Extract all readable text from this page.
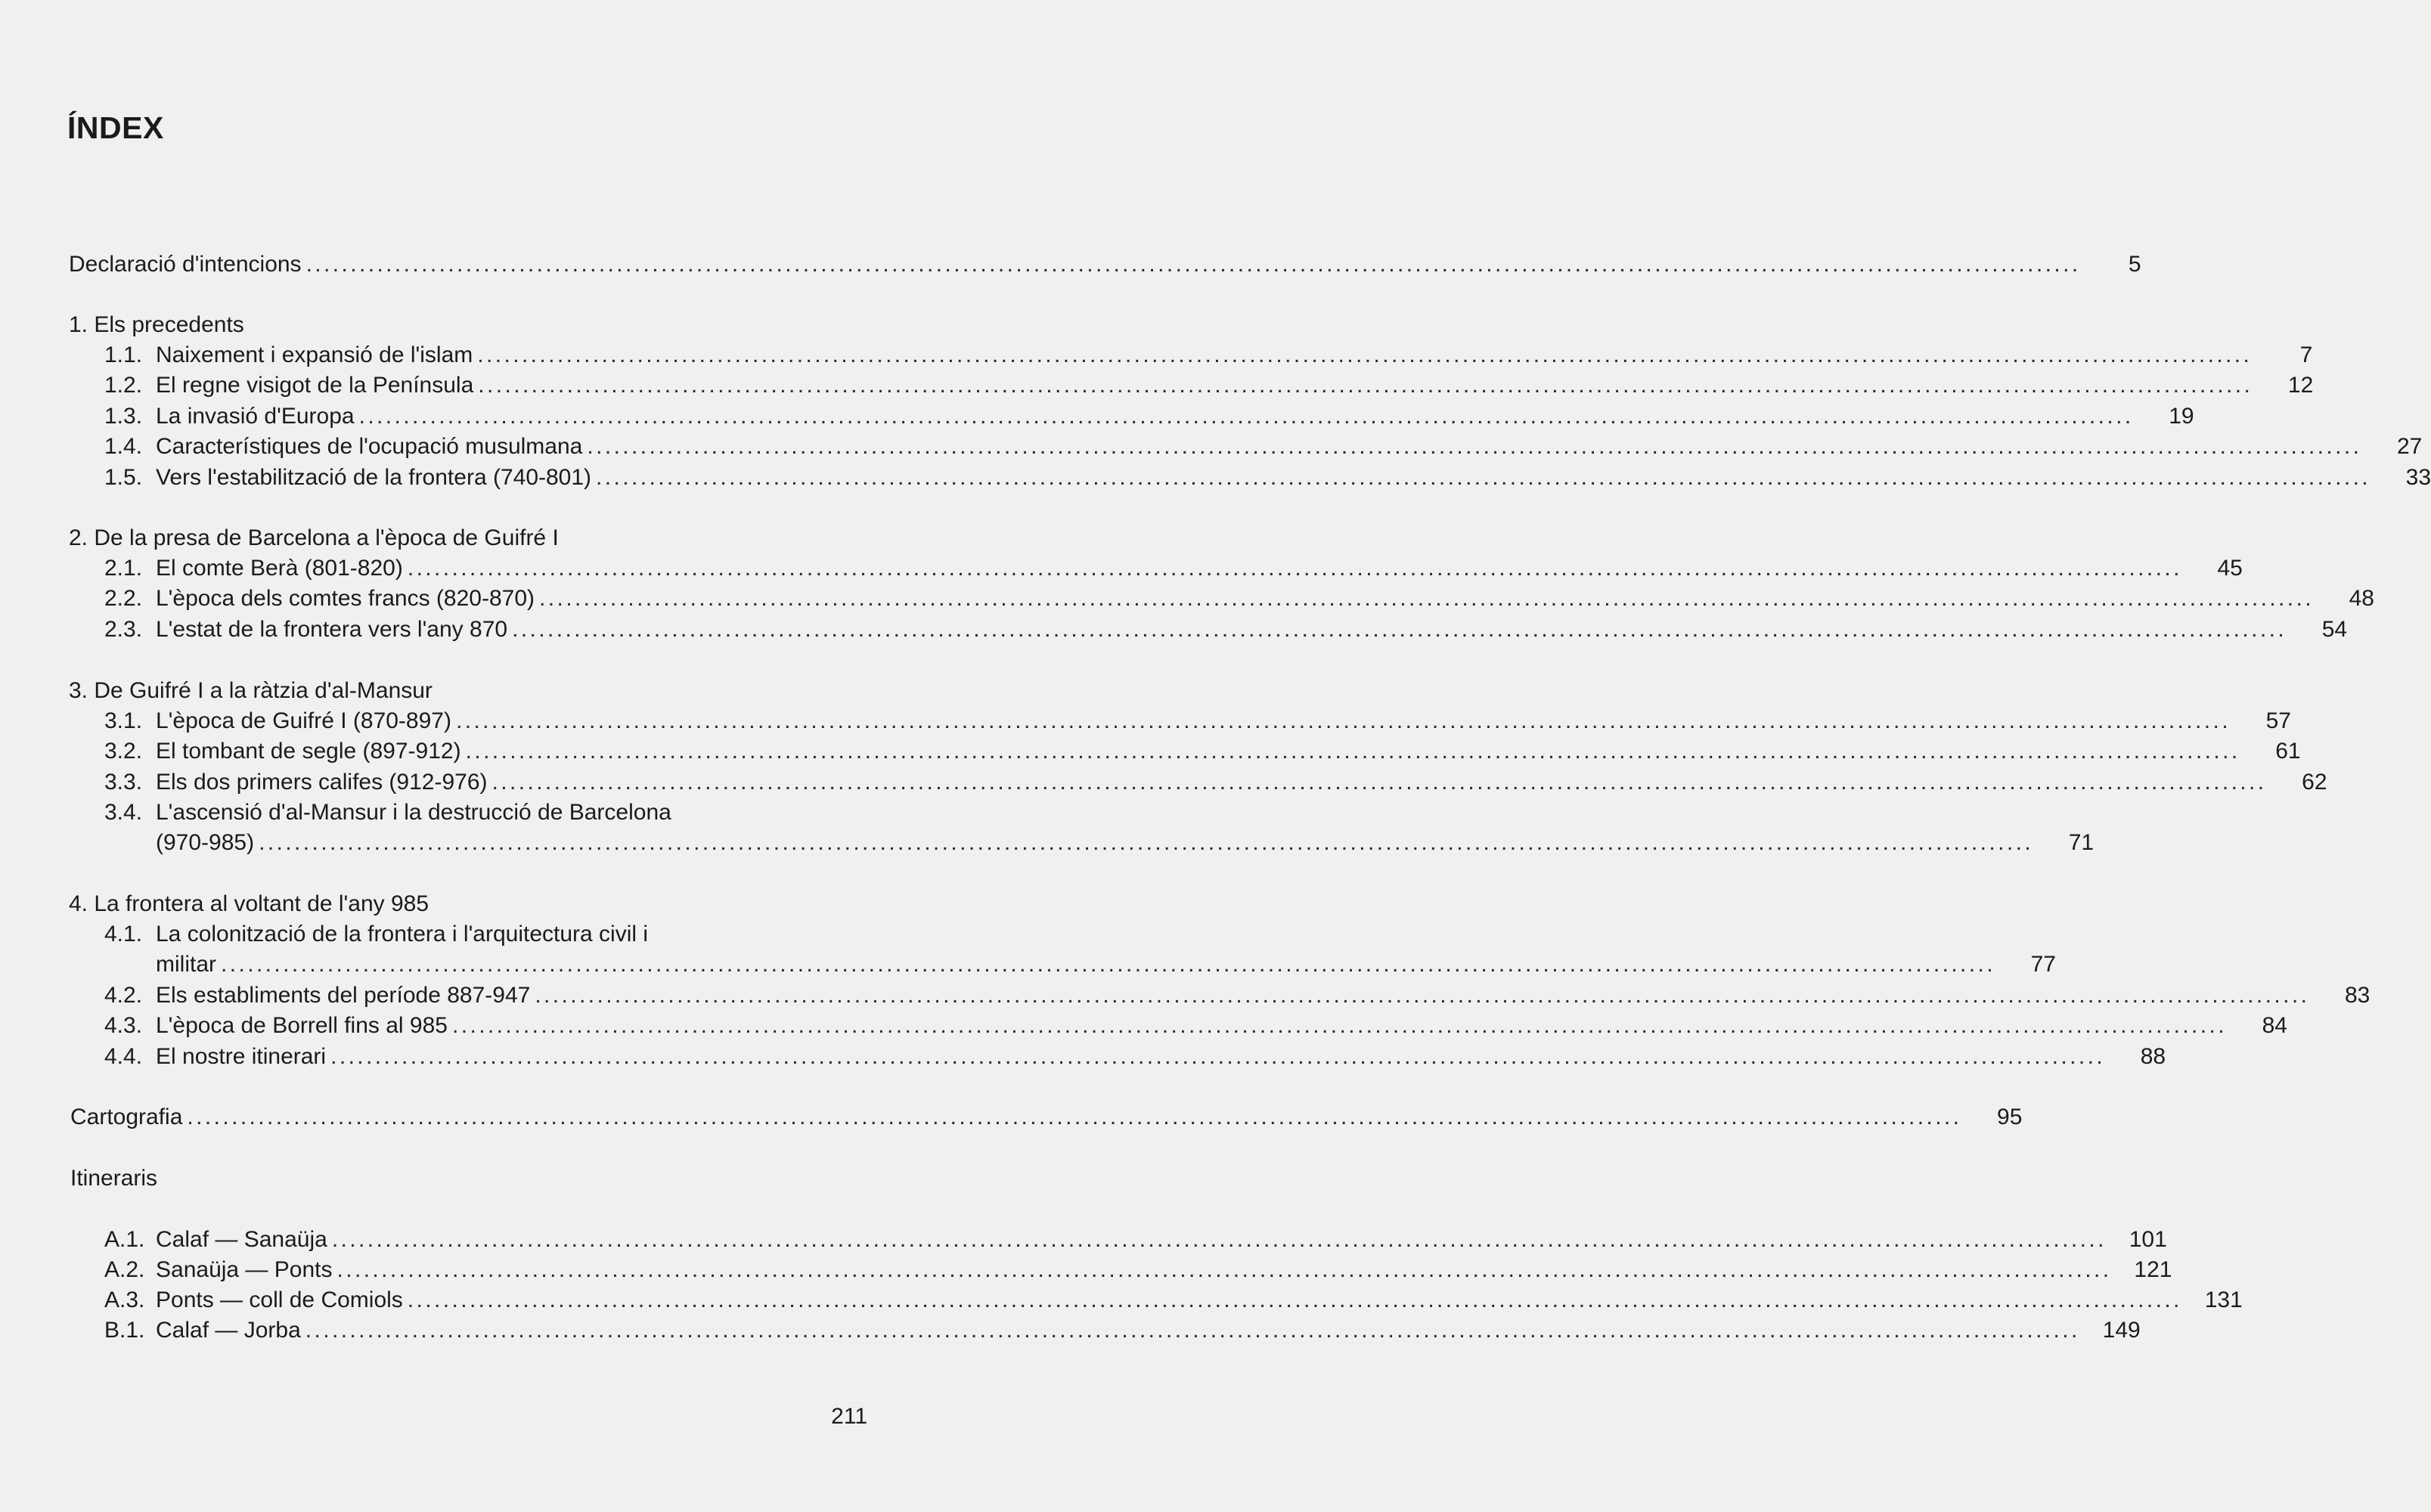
ÍNDEX
Declaració d'intencions ........................................................................................................................................................................................................	5
1. Els precedents
1.1. Naixement i expansió de l'islam ........................................................................................................................................................................................................	7
1.2. El regne visigot de la Península ........................................................................................................................................................................................................	12
1.3. La invasió d'Europa ........................................................................................................................................................................................................	19
1.4. Característiques de l'ocupació musulmana ........................................................................................................................................................................................................	27
1.5. Vers l'estabilització de la frontera (740-801) ........................................................................................................................................................................................................	33
2. De la presa de Barcelona a l'època de Guifré I
2.1. El comte Berà (801-820) ........................................................................................................................................................................................................	45
2.2. L'època dels comtes francs (820-870) ........................................................................................................................................................................................................	48
2.3. L'estat de la frontera vers l'any 870 ........................................................................................................................................................................................................	54
3. De Guifré I a la ràtzia d'al-Mansur
3.1. L'època de Guifré I (870-897) ........................................................................................................................................................................................................	57
3.2. El tombant de segle (897-912) ........................................................................................................................................................................................................	61
3.3. Els dos primers califes (912-976) ........................................................................................................................................................................................................	62
3.4. L'ascensió d'al-Mansur i la destrucció de Barcelona
(970-985) ........................................................................................................................................................................................................	71
4. La frontera al voltant de l'any 985
4.1. La colonització de la frontera i l'arquitectura civil i
militar ........................................................................................................................................................................................................	77
4.2. Els establiments del període 887-947 ........................................................................................................................................................................................................	83
4.3. L'època de Borrell fins al 985 ........................................................................................................................................................................................................	84
4.4. El nostre itinerari ........................................................................................................................................................................................................	88
Cartografia ........................................................................................................................................................................................................	95
Itineraris
A.1. Calaf — Sanaüja ........................................................................................................................................................................................................ 101
A.2. Sanaüja — Ponts ........................................................................................................................................................................................................ 121
A.3. Ponts — coll de Comiols ........................................................................................................................................................................................................ 131
B.1. Calaf — Jorba ........................................................................................................................................................................................................ 149
211
